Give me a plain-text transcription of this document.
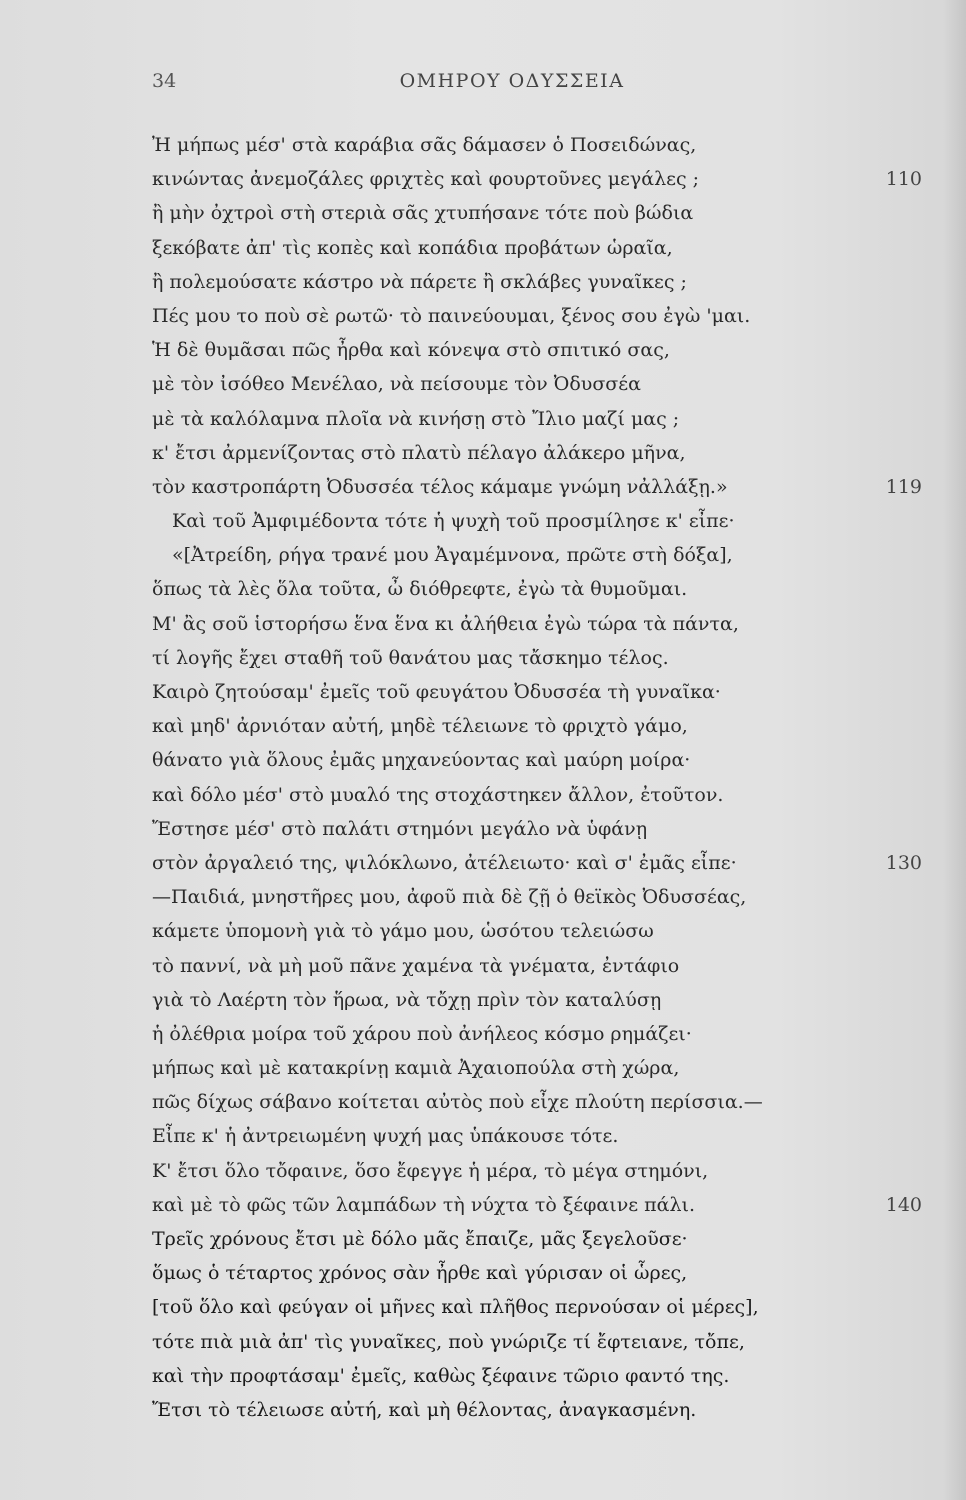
34	ΟΜΗΡΟΥ ΟΔΥΣΣΕΙΑ
Ἠ μήπως μέσ' στὰ καράβια σᾶς δάμασεν ὁ Ποσειδώνας,
κινώντας ἀνεμοζάλες φριχτὲς καὶ φουρτοῦνες μεγάλες ;	110
ἢ μὴν ὀχτροὶ στὴ στεριὰ σᾶς χτυπήσανε τότε ποὺ βώδια
ξεκόβατε ἀπ' τὶς κοπὲς καὶ κοπάδια προβάτων ὡραῖα,
ἢ πολεμούσατε κάστρο νὰ πάρετε ἢ σκλάβες γυναῖκες ;
Πές μου το ποὺ σὲ ρωτῶ· τὸ παινεύουμαι, ξένος σου ἐγὼ 'μαι.
Ἡ δὲ θυμᾶσαι πῶς ἦρθα καὶ κόνεψα στὸ σπιτικό σας,
μὲ τὸν ἰσόθεο Μενέλαο, νὰ πείσουμε τὸν Ὀδυσσέα
μὲ τὰ καλόλαμνα πλοῖα νὰ κινήσῃ στὸ Ἴλιο μαζί μας ;
κ' ἔτσι ἀρμενίζοντας στὸ πλατὺ πέλαγο ἀλάκερο μῆνα,
τὸν καστροπάρτη Ὀδυσσέα τέλος κάμαμε γνώμη νἀλλάξῃ.»	119
Καὶ τοῦ Ἀμφιμέδοντα τότε ἡ ψυχὴ τοῦ προσμίλησε κ' εἶπε·
«[Ἀτρείδη, ρήγα τρανέ μου Ἀγαμέμνονα, πρῶτε στὴ δόξα],
ὅπως τὰ λὲς ὅλα τοῦτα, ὦ διόθρεφτε, ἐγὼ τὰ θυμοῦμαι.
Μ' ἂς σοῦ ἱστορήσω ἕνα ἕνα κι ἀλήθεια ἐγὼ τώρα τὰ πάντα,
τί λογῆς ἔχει σταθῆ τοῦ θανάτου μας τἄσκημο τέλος.
Καιρὸ ζητούσαμ' ἐμεῖς τοῦ φευγάτου Ὀδυσσέα τὴ γυναῖκα·
καὶ μηδ' ἀρνιόταν αὐτή, μηδὲ τέλειωνε τὸ φριχτὸ γάμο,
θάνατο γιὰ ὅλους ἐμᾶς μηχανεύοντας καὶ μαύρη μοίρα·
καὶ δόλο μέσ' στὸ μυαλό της στοχάστηκεν ἄλλον, ἐτοῦτον.
Ἔστησε μέσ' στὸ παλάτι στημόνι μεγάλο νὰ ὑφάνῃ
στὸν ἀργαλειό της, ψιλόκλωνο, ἀτέλειωτο· καὶ σ' ἐμᾶς εἶπε·	130
—Παιδιά, μνηστῆρες μου, ἀφοῦ πιὰ δὲ ζῇ ὁ θεϊκὸς Ὀδυσσέας,
κάμετε ὑπομονὴ γιὰ τὸ γάμο μου, ὡσότου τελειώσω
τὸ παννί, νὰ μὴ μοῦ πᾶνε χαμένα τὰ γνέματα, ἐντάφιο
γιὰ τὸ Λαέρτη τὸν ἥρωα, νὰ τὄχῃ πρὶν τὸν καταλύσῃ
ἡ ὀλέθρια μοίρα τοῦ χάρου ποὺ ἀνήλεος κόσμο ρημάζει·
μήπως καὶ μὲ κατακρίνῃ καμιὰ Ἀχαιοπούλα στὴ χώρα,
πῶς δίχως σάβανο κοίτεται αὐτὸς ποὺ εἶχε πλούτη περίσσια.—
Εἶπε κ' ἡ ἀντρειωμένη ψυχή μας ὑπάκουσε τότε.
Κ' ἔτσι ὅλο τὄφαινε, ὅσο ἔφεγγε ἡ μέρα, τὸ μέγα στημόνι,
καὶ μὲ τὸ φῶς τῶν λαμπάδων τὴ νύχτα τὸ ξέφαινε πάλι.	140
Τρεῖς χρόνους ἔτσι μὲ δόλο μᾶς ἔπαιζε, μᾶς ξεγελοῦσε·
ὅμως ὁ τέταρτος χρόνος σὰν ἦρθε καὶ γύρισαν οἱ ὧρες,
[τοῦ ὅλο καὶ φεύγαν οἱ μῆνες καὶ πλῆθος περνούσαν οἱ μέρες],
τότε πιὰ μιὰ ἀπ' τὶς γυναῖκες, ποὺ γνώριζε τί ἔφτειανε, τὄπε,
καὶ τὴν προφτάσαμ' ἐμεῖς, καθὼς ξέφαινε τῶριο φαντό της.
Ἔτσι τὸ τέλειωσε αὐτή, καὶ μὴ θέλοντας, ἀναγκασμένη.
